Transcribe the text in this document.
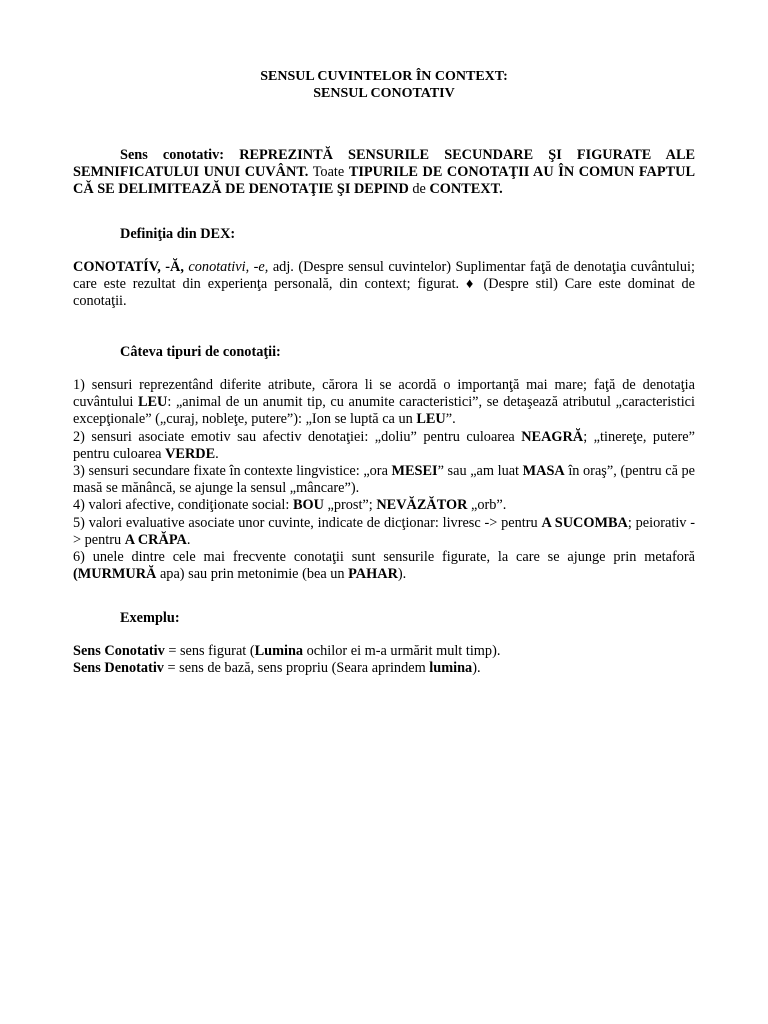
SENSUL CUVINTELOR ÎN CONTEXT:
SENSUL CONOTATIV
Sens conotativ: REPREZINTĂ SENSURILE SECUNDARE ŞI FIGURATE ALE SEMNIFICATULUI UNUI CUVÂNT. Toate TIPURILE DE CONOTAŢII AU ÎN COMUN FAPTUL CĂ SE DELIMITEAZĂ DE DENOTAŢIE ŞI DEPIND de CONTEXT.
Definiţia din DEX:
CONOTATÍV, -Ă, conotativi, -e, adj. (Despre sensul cuvintelor) Suplimentar faţă de denotaţia cuvântului; care este rezultat din experienţa personală, din context; figurat. ♦ (Despre stil) Care este dominat de conotaţii.
Câteva tipuri de conotaţii:

1) sensuri reprezentând diferite atribute, cărora li se acordă o importanţă mai mare; faţă de denotaţia cuvântului LEU: „animal de un anumit tip, cu anumite caracteristici”, se detaşează atributul „caracteristici excepţionale” („curaj, nobleţe, putere”): „Ion se luptă ca un LEU”.

2) sensuri asociate emotiv sau afectiv denotaţiei: „doliu” pentru culoarea NEAGRĂ; „tinereţe, putere” pentru culoarea VERDE.

3) sensuri secundare fixate în contexte lingvistice: „ora MESEI” sau „am luat MASA în oraş”, (pentru că pe masă se mănâncă, se ajunge la sensul „mâncare”).

4) valori afective, condiţionate social: BOU „prost”; NEVĂZĂTOR „orb”.

5) valori evaluative asociate unor cuvinte, indicate de dicţionar: livresc -> pentru A SUCOMBA; peiorativ -> pentru A CRĂPA.

6) unele dintre cele mai frecvente conotaţii sunt sensurile figurate, la care se ajunge prin metaforă (MURMURĂ apa) sau prin metonimie (bea un PAHAR).

Exemplu:

Sens Conotativ = sens figurat (Lumina ochilor ei m-a urmărit mult timp).

Sens Denotativ = sens de bază, sens propriu (Seara aprindem lumina).
